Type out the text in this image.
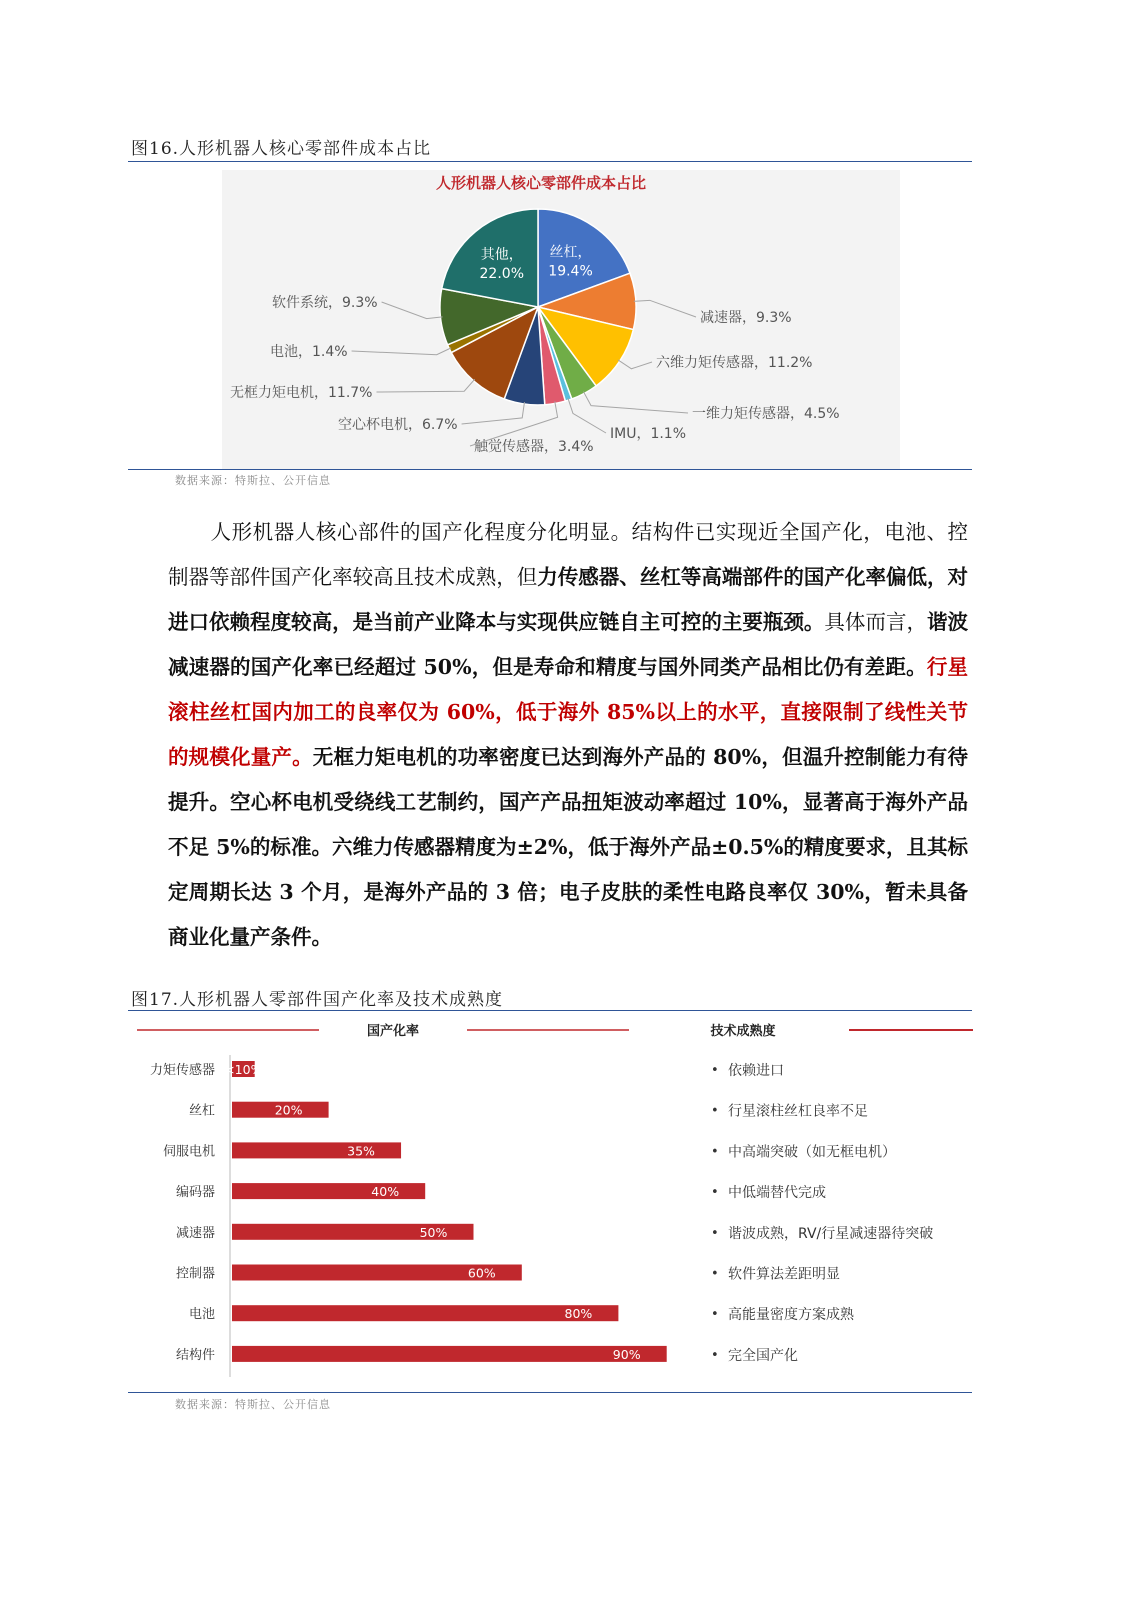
图16.人形机器人核心零部件成本占比
人形机器人核心零部件成本占比
丝杠，
19.4%
减速器，9.3%
六维力矩传感器，11.2%
一维力矩传感器，4.5%
IMU，1.1%
触觉传感器，3.4%
空心杯电机，6.7%
无框力矩电机，11.7%
电池，1.4%
软件系统，9.3%
其他，
22.0%
数据来源：特斯拉、公开信息

人形机器人核心部件的国产化程度分化明显。结构件已实现近全国产化，电池、控制器等部件国产化率较高且技术成熟，但力传感器、丝杠等高端部件的国产化率偏低，对进口依赖程度较高，是当前产业降本与实现供应链自主可控的主要瓶颈。具体而言，谐波减速器的国产化率已经超过 50%，但是寿命和精度与国外同类产品相比仍有差距。行星滚柱丝杠国内加工的良率仅为 60%，低于海外 85%以上的水平，直接限制了线性关节的规模化量产。无框力矩电机的功率密度已达到海外产品的 80%，但温升控制能力有待提升。空心杯电机受绕线工艺制约，国产产品扭矩波动率超过 10%，显著高于海外产品不足 5%的标准。六维力传感器精度为±2%，低于海外产品±0.5%的精度要求，且其标定周期长达 3 个月，是海外产品的 3 倍；电子皮肤的柔性电路良率仅 30%，暂未具备商业化量产条件。

图17.人形机器人零部件国产化率及技术成熟度
国产化率	技术成熟度
力矩传感器 <10%	• 依赖进口
丝杠	20%	• 行星滚柱丝杠良率不足
伺服电机	35%	• 中高端突破（如无框电机）
编码器	40%	• 中低端替代完成
减速器	50%	• 谐波成熟，RV/行星减速器待突破
控制器	60%	• 软件算法差距明显
电池	80%	• 高能量密度方案成熟
结构件	90%	• 完全国产化
数据来源：特斯拉、公开信息
